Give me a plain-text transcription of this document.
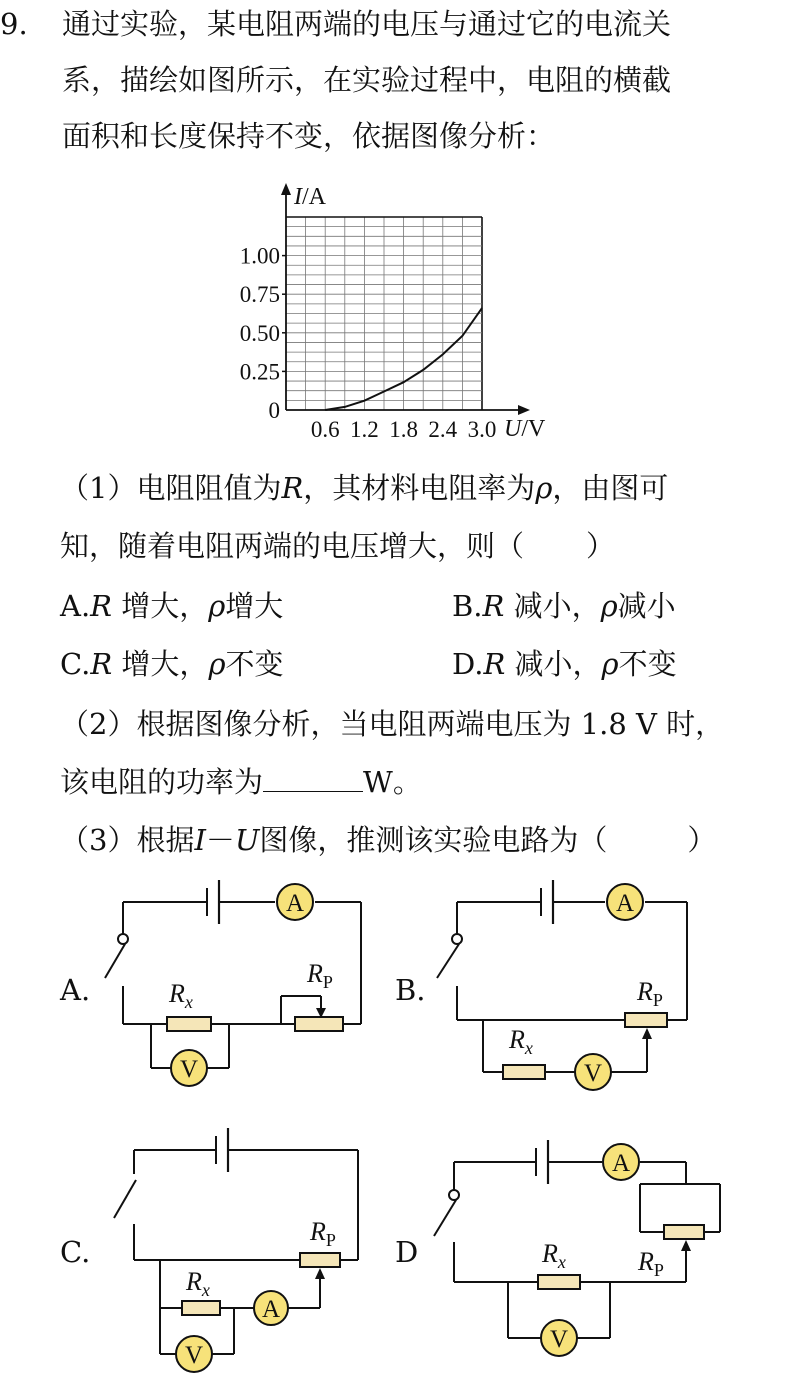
9. 通过实验，某电阻两端的电压与通过它的电流关
系，描绘如图所示，在实验过程中，电阻的横截
面积和长度保持不变，依据图像分析：
I/A
0
0.25
0.50
0.75
1.00
0.6 1.2 1.8 2.4 3.0 U/V
（1）电阻阻值为R，其材料电阻率为ρ，由图可
知，随着电阻两端的电压增大，则（ ）
A.R 增大，ρ增大	B.R 减小，ρ减小
C.R 增大，ρ不变	D.R 减小，ρ不变
（2）根据图像分析，当电阻两端电压为 1.8 V 时，
该电阻的功率为	W。
（3）根据I－U图像，推测该实验电路为（	）
A.
A
V
$R_x$
$R_P$ B.
A
V
$R_x$
$R_P$
C.
A
V
$R_x$
$R_P$ D
A
V
$R_x$	$R_P$
